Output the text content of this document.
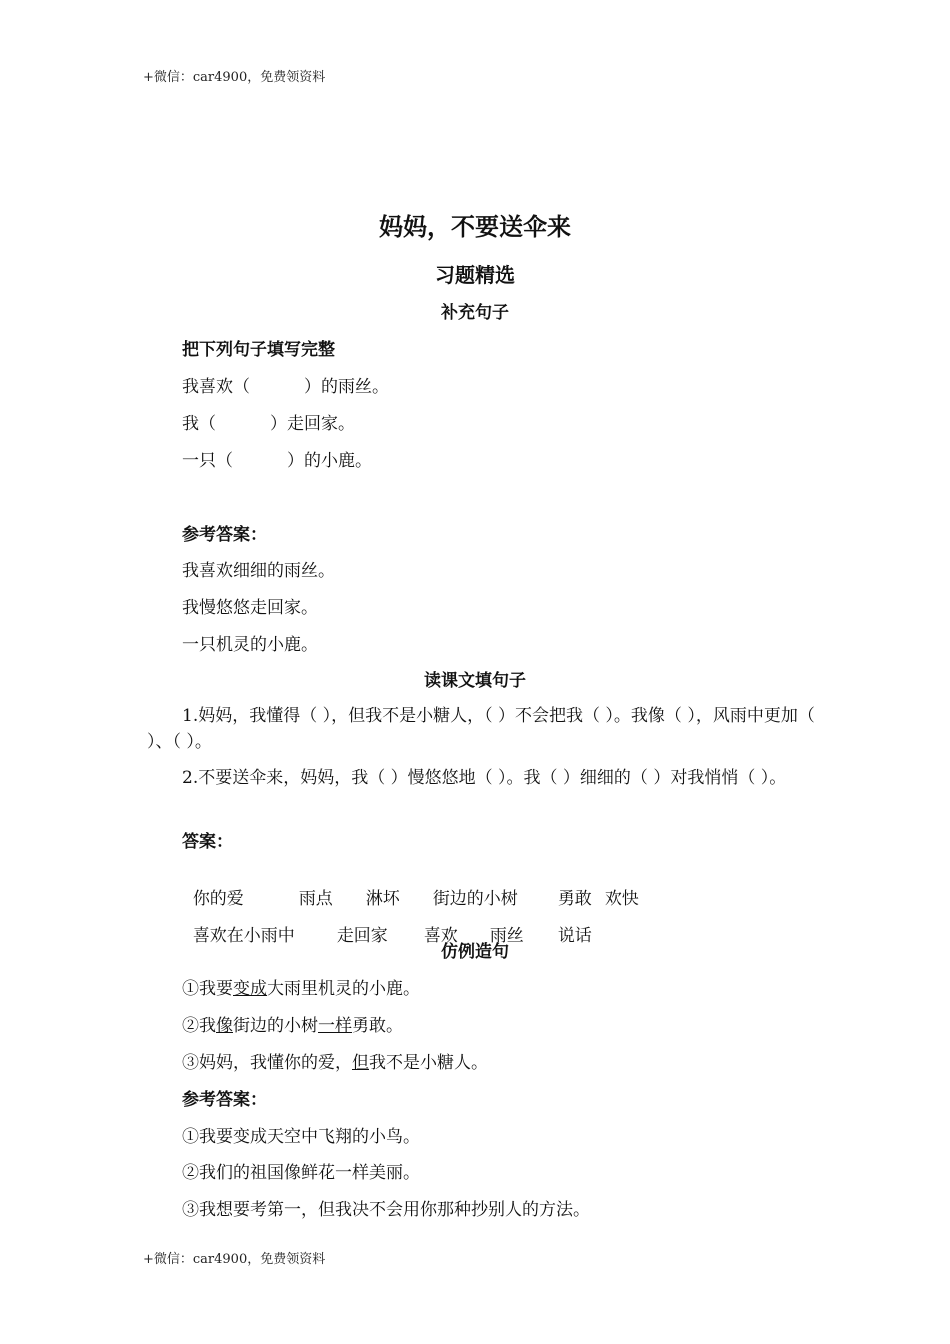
+微信：car4900，免费领资料
妈妈，不要送伞来
习题精选
补充句子
把下列句子填写完整
我喜欢（          ）的雨丝。
我（          ）走回家。
一只（          ）的小鹿。
参考答案：
我喜欢细细的雨丝。
我慢悠悠走回家。
一只机灵的小鹿。
读课文填句子
1.妈妈，我懂得（ ），但我不是小糖人，（ ）不会把我（ ）。我像（ ），风雨中更加（ ）、（ ）。
2.不要送伞来，妈妈，我（ ）慢悠悠地（ ）。我（ ）细细的（ ）对我悄悄（ ）。
答案：

你的爱	雨点 淋坏 街边的小树 勇敢 欢快

喜欢在小雨中 走回家 喜欢 雨丝 说话

仿例造句
①我要变成大雨里机灵的小鹿。
②我像街边的小树一样勇敢。
③妈妈，我懂你的爱，但我不是小糖人。
参考答案：
①我要变成天空中飞翔的小鸟。
②我们的祖国像鲜花一样美丽。
③我想要考第一，但我决不会用你那种抄别人的方法。
+微信：car4900，免费领资料
